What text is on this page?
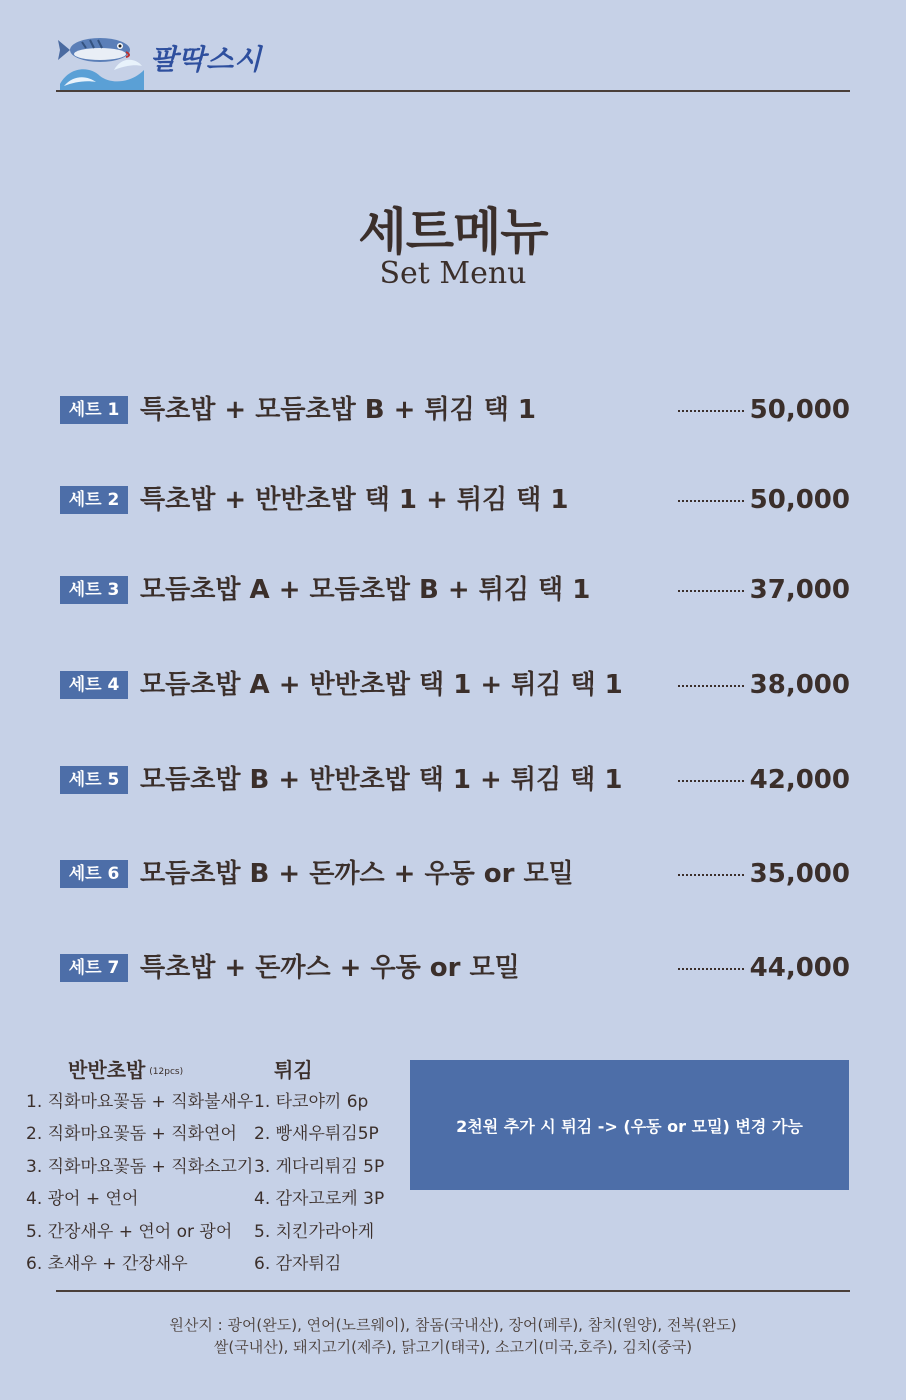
팔딱스시
세트메뉴
Set Menu
세트 1 특초밥 + 모듬초밥 B + 튀김 택 1	50,000
세트 2 특초밥 + 반반초밥 택 1 + 튀김 택 1	50,000
세트 3 모듬초밥 A + 모듬초밥 B + 튀김 택 1	37,000
세트 4 모듬초밥 A + 반반초밥 택 1 + 튀김 택 1	38,000
세트 5 모듬초밥 B + 반반초밥 택 1 + 튀김 택 1	42,000
세트 6 모듬초밥 B + 돈까스 + 우동 or 모밀	35,000
세트 7 특초밥 + 돈까스 + 우동 or 모밀	44,000
반반초밥 (12pcs)
1. 직화마요꽃돔 + 직화불새우
2. 직화마요꽃돔 + 직화연어
3. 직화마요꽃돔 + 직화소고기
4. 광어 + 연어
5. 간장새우 + 연어 or 광어
6. 초새우 + 간장새우
튀김
1. 타코야끼 6p
2. 빵새우튀김5P
3. 게다리튀김 5P
4. 감자고로케 3P
5. 치킨가라아게
6. 감자튀김
2천원 추가 시 튀김 -> (우동 or 모밀) 변경 가능
원산지 : 광어(완도), 연어(노르웨이), 참돔(국내산), 장어(페루), 참치(원양), 전복(완도)
쌀(국내산), 돼지고기(제주), 닭고기(태국), 소고기(미국,호주), 김치(중국)
